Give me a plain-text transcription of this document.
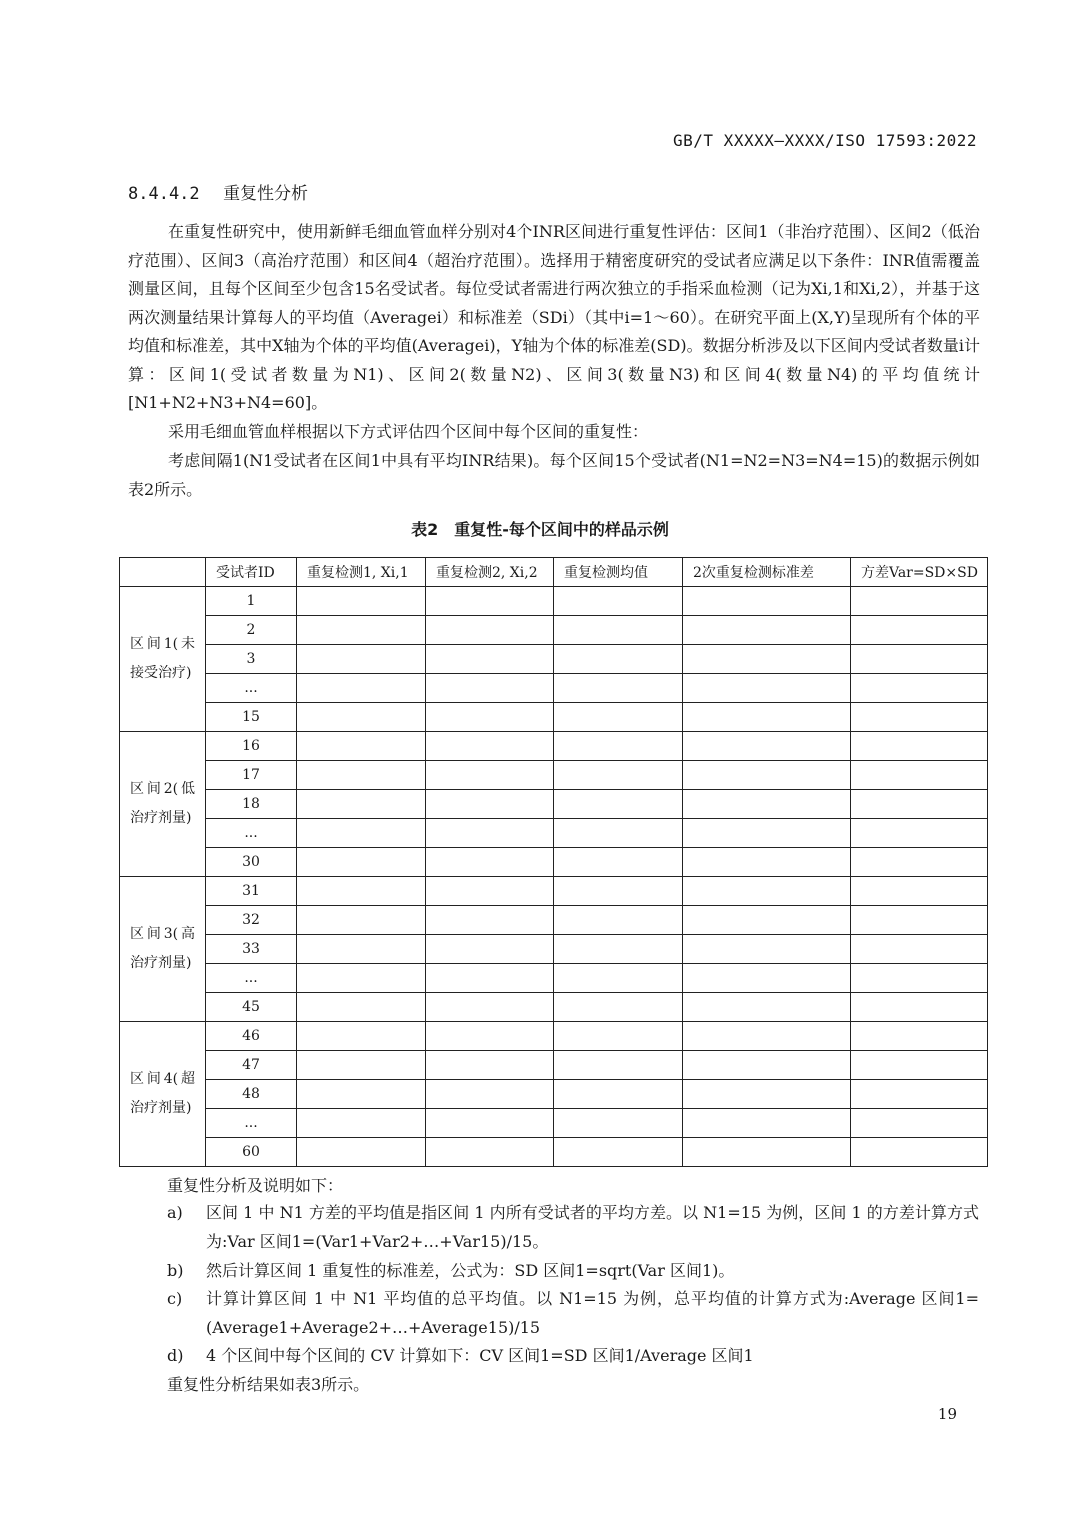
GB/T XXXXX—XXXX/ISO 17593:2022
8.4.4.2 重复性分析

在重复性研究中，使用新鲜毛细血管血样分别对4个INR区间进行重复性评估：区间1（非治疗范围）、区间2（低治疗范围）、区间3（高治疗范围）和区间4（超治疗范围）。选择用于精密度研究的受试者应满足以下条件：INR值需覆盖测量区间，且每个区间至少包含15名受试者。每位受试者需进行两次独立的手指采血检测（记为Xi,1和Xi,2），并基于这两次测量结果计算每人的平均值（Averagei）和标准差（SDi）（其中i=1～60）。在研究平面上(X,Y)呈现所有个体的平均值和标准差，其中X轴为个体的平均值(Averagei)，Y轴为个体的标准差(SD)。数据分析涉及以下区间内受试者数量i计算：区间1(受试者数量为N1)、区间2(数量N2)、区间3(数量N3)和区间4(数量N4)的平均值统计[N1+N2+N3+N4=60]。

采用毛细血管血样根据以下方式评估四个区间中每个区间的重复性：

考虑间隔1(N1受试者在区间1中具有平均INR结果)。每个区间15个受试者(N1=N2=N3=N4=15)的数据示例如表2所示。

表2　重复性-每个区间中的样品示例
	受试者ID	重复检测1, Xi,1	重复检测2, Xi,2	重复检测均值	2次重复检测标准差	方差Var=SD×SD
区间1(未接受治疗)	1					
	2					
	3					
	...					
	15					
区间2(低治疗剂量)	16					
	17					
	18					
	...					
	30					
区间3(高治疗剂量)	31					
	32					
	33					
	...					
	45					
区间4(超治疗剂量)	46					
	47					
	48					
	...					
	60					

重复性分析及说明如下：

a) 区间 1 中 N1 方差的平均值是指区间 1 内所有受试者的平均方差。以 N1=15 为例，区间 1 的方差计算方式为:Var 区间1=(Var1+Var2+…+Var15)/15。
b) 然后计算区间 1 重复性的标准差，公式为：SD 区间1=sqrt(Var 区间1)。
c) 计算计算区间 1 中 N1 平均值的总平均值。以 N1=15 为例，总平均值的计算方式为:Average 区间1=(Average1+Average2+…+Average15)/15
d) 4 个区间中每个区间的 CV 计算如下：CV 区间1=SD 区间1/Average 区间1

重复性分析结果如表3所示。

19
